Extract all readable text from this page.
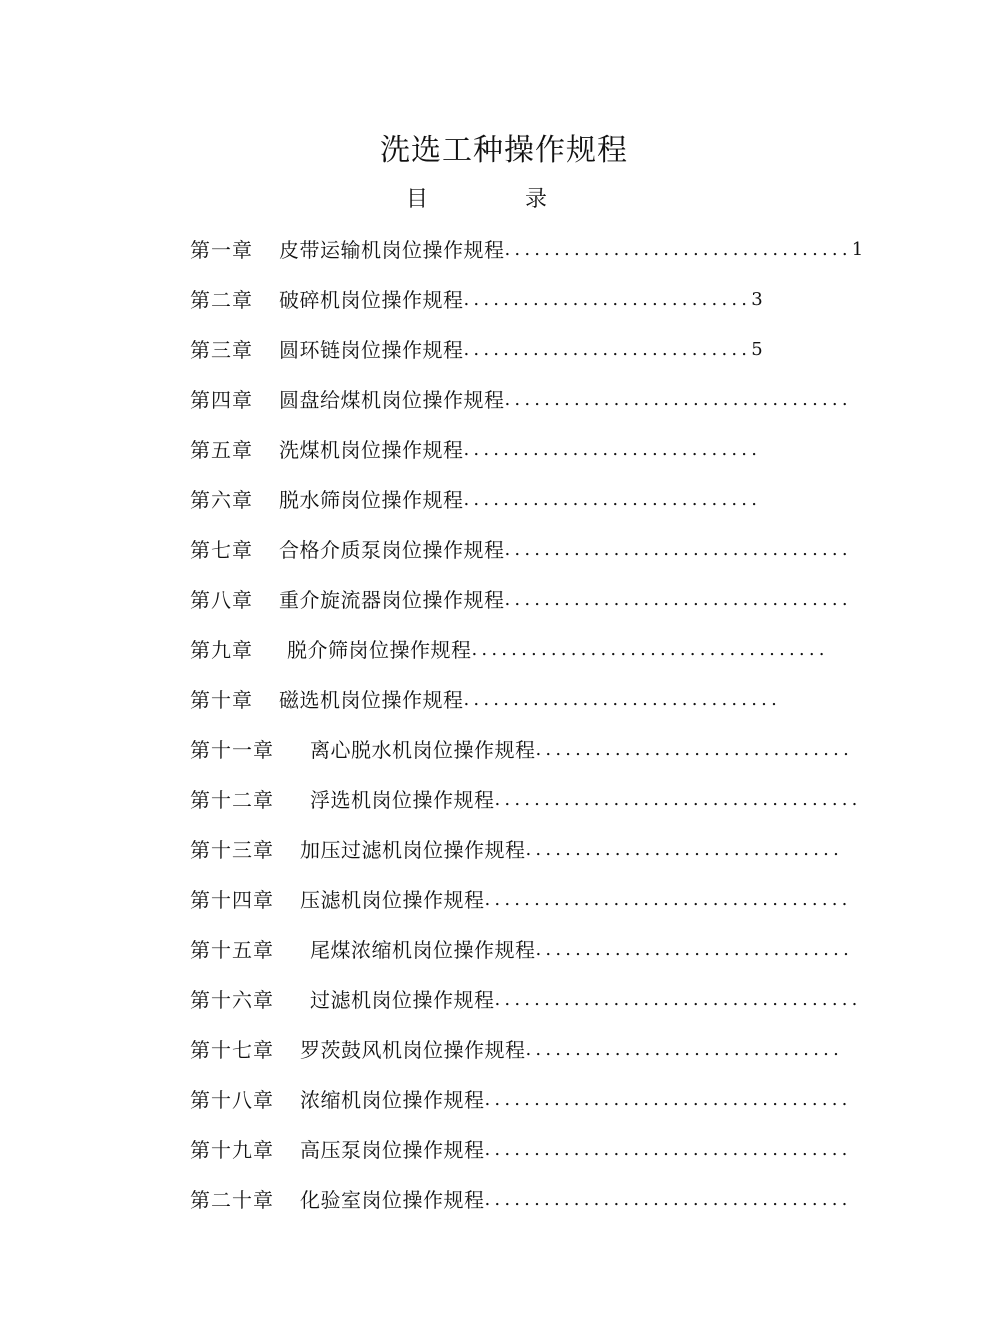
洗选工种操作规程
目	录
第一章 皮带运输机岗位操作规程...................................1
第二章 破碎机岗位操作规程.............................3
第三章 圆环链岗位操作规程.............................5
第四章 圆盘给煤机岗位操作规程...................................
第五章 洗煤机岗位操作规程..............................
第六章 脱水筛岗位操作规程..............................
第七章 合格介质泵岗位操作规程...................................
第八章 重介旋流器岗位操作规程...................................
第九章 脱介筛岗位操作规程....................................
第十章 磁选机岗位操作规程................................
第十一章 离心脱水机岗位操作规程................................
第十二章 浮选机岗位操作规程.....................................
第十三章 加压过滤机岗位操作规程................................
第十四章 压滤机岗位操作规程.....................................
第十五章 尾煤浓缩机岗位操作规程................................
第十六章 过滤机岗位操作规程.....................................
第十七章 罗茨鼓风机岗位操作规程................................
第十八章 浓缩机岗位操作规程.....................................
第十九章 高压泵岗位操作规程.....................................
第二十章 化验室岗位操作规程.....................................
